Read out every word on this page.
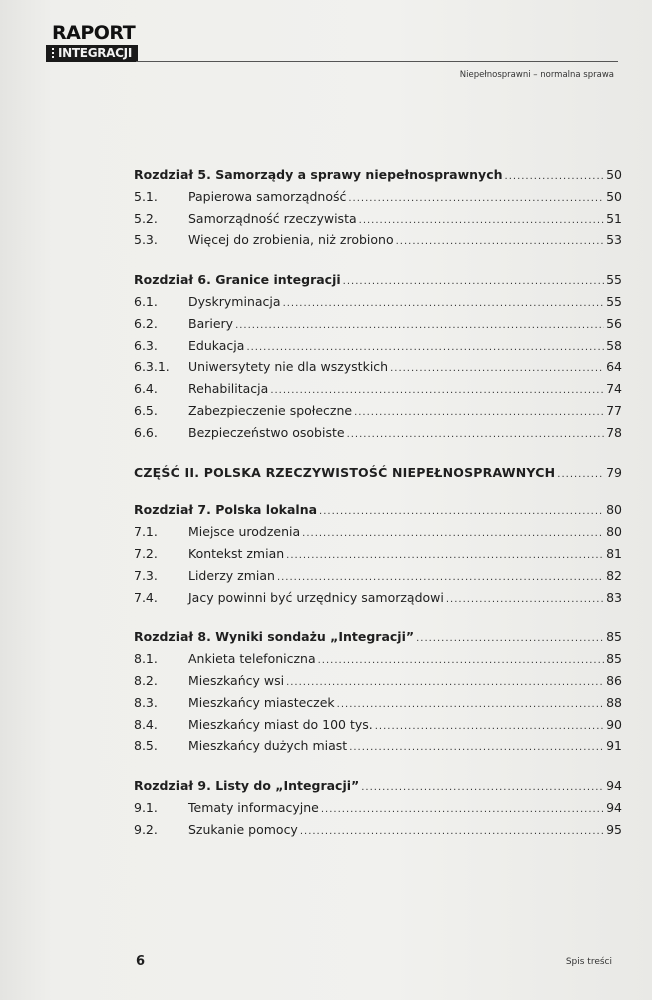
RAPORT
INTEGRACJI
Niepełnosprawni – normalna sprawa
Rozdział 5. Samorządy a sprawy niepełnosprawnych .....	50
5.1.	Papierowa samorządność .....	50
5.2.	Samorządność rzeczywista .....	51
5.3.	Więcej do zrobienia, niż zrobiono .....	53
Rozdział 6. Granice integracji .....	55
6.1.	Dyskryminacja .....	55
6.2.	Bariery .....	56
6.3.	Edukacja .....	58
6.3.1.	Uniwersytety nie dla wszystkich .....	64
6.4.	Rehabilitacja .....	74
6.5.	Zabezpieczenie społeczne .....	77
6.6.	Bezpieczeństwo osobiste .....	78
CZĘŚĆ II. POLSKA RZECZYWISTOŚĆ NIEPEŁNOSPRAWNYCH .....	79
Rozdział 7. Polska lokalna .....	80
7.1.	Miejsce urodzenia .....	80
7.2.	Kontekst zmian .....	81
7.3.	Liderzy zmian .....	82
7.4.	Jacy powinni być urzędnicy samorządowi .....	83
Rozdział 8. Wyniki sondażu „Integracji” .....	85
8.1.	Ankieta telefoniczna .....	85
8.2.	Mieszkańcy wsi .....	86
8.3.	Mieszkańcy miasteczek .....	88
8.4.	Mieszkańcy miast do 100 tys. .....	90
8.5.	Mieszkańcy dużych miast .....	91
Rozdział 9. Listy do „Integracji” .....	94
9.1.	Tematy informacyjne .....	94
9.2.	Szukanie pomocy .....	95
6	Spis treści
